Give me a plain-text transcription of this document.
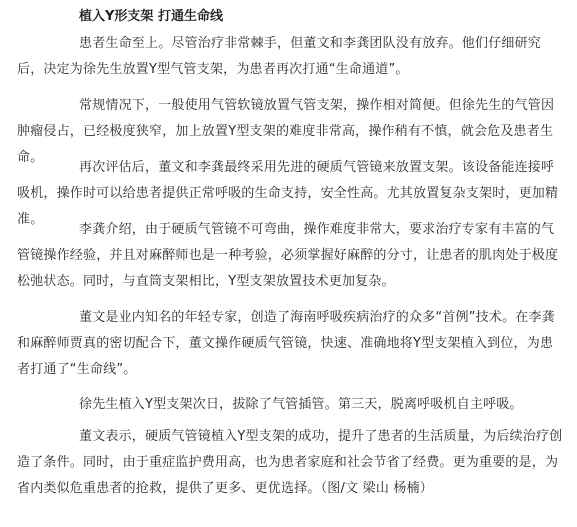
植入Y形支架 打通生命线

患者生命至上。尽管治疗非常棘手，但董文和李龚团队没有放弃。他们仔细研究后，决定为徐先生放置Y型气管支架，为患者再次打通“生命通道”。

常规情况下，一般使用气管软镜放置气管支架，操作相对简便。但徐先生的气管因肿瘤侵占，已经极度狭窄，加上放置Y型支架的难度非常高，操作稍有不慎，就会危及患者生命。

再次评估后，董文和李龚最终采用先进的硬质气管镜来放置支架。该设备能连接呼吸机，操作时可以给患者提供正常呼吸的生命支持，安全性高。尤其放置复杂支架时，更加精准。

李龚介绍，由于硬质气管镜不可弯曲，操作难度非常大，要求治疗专家有丰富的气管镜操作经验，并且对麻醉师也是一种考验，必须掌握好麻醉的分寸，让患者的肌肉处于极度松弛状态。同时，与直筒支架相比，Y型支架放置技术更加复杂。

董文是业内知名的年轻专家，创造了海南呼吸疾病治疗的众多“首例”技术。在李龚和麻醉师贾真的密切配合下，董文操作硬质气管镜，快速、准确地将Y型支架植入到位，为患者打通了“生命线”。

徐先生植入Y型支架次日，拔除了气管插管。第三天，脱离呼吸机自主呼吸。

董文表示，硬质气管镜植入Y型支架的成功，提升了患者的生活质量，为后续治疗创造了条件。同时，由于重症监护费用高，也为患者家庭和社会节省了经费。更为重要的是，为省内类似危重患者的抢救，提供了更多、更优选择。（图/文 梁山 杨楠）
